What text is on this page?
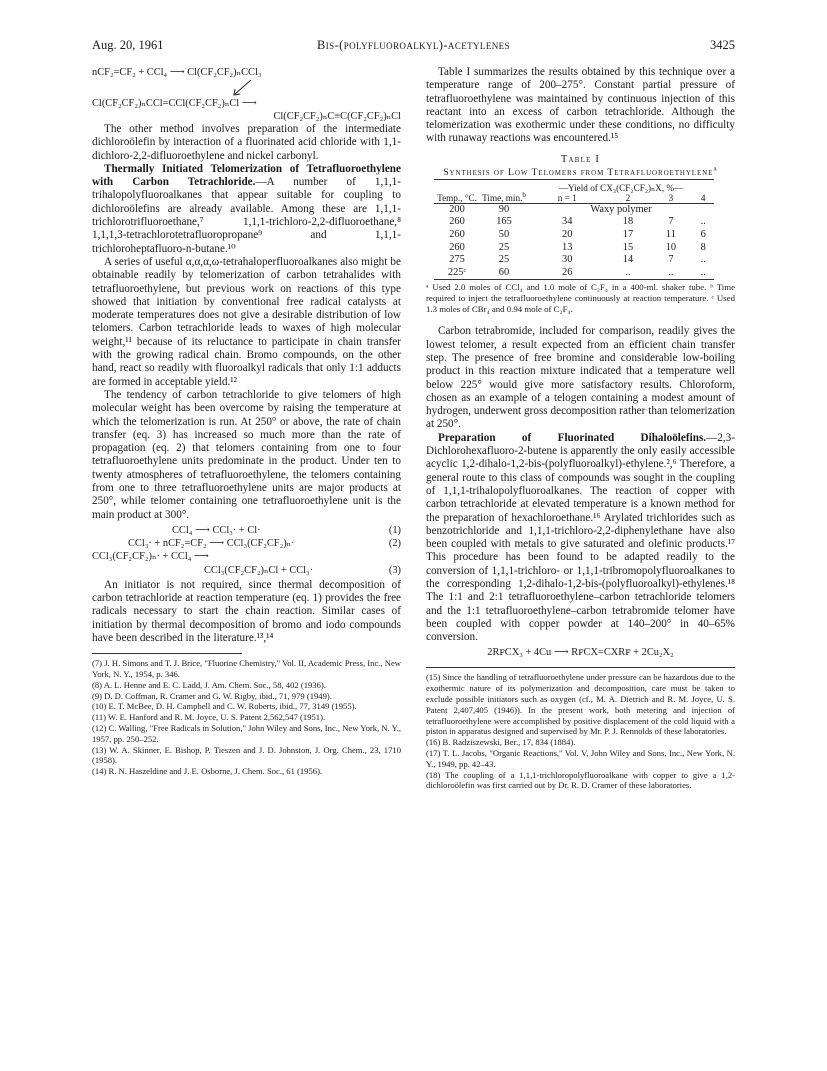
Aug. 20, 1961	Bis-(polyfluoroalkyl)-acetylenes	3425

nCF₂=CF₂ + CCl₄ ⟶ Cl(CF₂CF₂)ₙCCl₃

Cl(CF₂CF₂)ₙCCl=CCl(CF₂CF₂)ₙCl ⟶

Cl(CF₂CF₂)ₙC≡C(CF₂CF₂)ₙCl

The other method involves preparation of the intermediate dichloroölefin by interaction of a fluorinated acid chloride with 1,1-dichloro-2,2-difluoroethylene and nickel carbonyl.

Thermally Initiated Telomerization of Tetrafluoroethylene with Carbon Tetrachloride.—A number of 1,1,1-trihalopolyfluoroalkanes that appear suitable for coupling to dichloroölefins are already available. Among these are 1,1,1-trichlorotrifluoroethane,⁷ 1,1,1-trichloro-2,2-difluoroethane,⁸ 1,1,1,3-tetrachlorotetrafluoropropane⁹ and 1,1,1-trichloroheptafluoro-n-butane.¹⁰

A series of useful α,α,α,ω-tetrahaloperfluoroalkanes also might be obtainable readily by telomerization of carbon tetrahalides with tetrafluoroethylene, but previous work on reactions of this type showed that initiation by conventional free radical catalysts at moderate temperatures does not give a desirable distribution of low telomers. Carbon tetrachloride leads to waxes of high molecular weight,¹¹ because of its reluctance to participate in chain transfer with the growing radical chain. Bromo compounds, on the other hand, react so readily with fluoroalkyl radicals that only 1:1 adducts are formed in acceptable yield.¹²

The tendency of carbon tetrachloride to give telomers of high molecular weight has been overcome by raising the temperature at which the telomerization is run. At 250° or above, the rate of chain transfer (eq. 3) has increased so much more than the rate of propagation (eq. 2) that telomers containing from one to four tetrafluoroethylene units predominate in the product. Under ten to twenty atmospheres of tetrafluoroethylene, the telomers containing from one to three tetrafluoroethylene units are major products at 250°, while telomer containing one tetrafluoroethylene unit is the main product at 300°.

CCl₄ ⟶ CCl₃· + Cl·	(1)
CCl₃· + nCF₂=CF₂ ⟶ CCl₃(CF₂CF₂)ₙ·	(2)
CCl₃(CF₂CF₂)ₙ· + CCl₄ ⟶
CCl₃(CF₂CF₂)ₙCl + CCl₃·	(3)

An initiator is not required, since thermal decomposition of carbon tetrachloride at reaction temperature (eq. 1) provides the free radicals necessary to start the chain reaction. Similar cases of initiation by thermal decomposition of bromo and iodo compounds have been described in the literature.¹³,¹⁴

(7) J. H. Simons and T. J. Brice, "Fluorine Chemistry," Vol. II, Academic Press, Inc., New York, N. Y., 1954, p. 346.

(8) A. L. Henne and E. C. Ladd, J. Am. Chem. Soc., 58, 402 (1936).

(9) D. D. Coffman, R. Cramer and G. W. Rigby, ibid., 71, 979 (1949).

(10) E. T. McBee, D. H. Campbell and C. W. Roberts, ibid., 77, 3149 (1955).

(11) W. E. Hanford and R. M. Joyce, U. S. Patent 2,562,547 (1951).

(12) C. Walling, "Free Radicals in Solution," John Wiley and Sons, Inc., New York, N. Y., 1957, pp. 250–252.

(13) W. A. Skinner, E. Bishop, P. Tieszen and J. D. Johnston, J. Org. Chem., 23, 1710 (1958).

(14) R. N. Haszeldine and J. E. Osborne, J. Chem. Soc., 61 (1956).

Table I summarizes the results obtained by this technique over a temperature range of 200–275°. Constant partial pressure of tetrafluoroethylene was maintained by continuous injection of this reactant into an excess of carbon tetrachloride. Although the telomerization was exothermic under these conditions, no difficulty with runaway reactions was encountered.¹⁵

Table I

Synthesis of Low Telomers from Tetrafluoroethylene$^a$

Temp., °C.	Time, min.$^b$	—Yield of CX₃(CF₂CF₂)ₙX, %—			
		n = 1	2	3	4
200	90	Waxy polymer			
260	165	34	18	7	..
260	50	20	17	11	6
260	25	13	15	10	8
275	25	30	14	7	..
225ᶜ	60	26	..	..	..

ᵃ Used 2.0 moles of CCl₄ and 1.0 mole of C₂F₄ in a 400-ml. shaker tube. ᵇ Time required to inject the tetrafluoroethylene continuously at reaction temperature. ᶜ Used 1.3 moles of CBr₄ and 0.94 mole of C₂F₄.

Carbon tetrabromide, included for comparison, readily gives the lowest telomer, a result expected from an efficient chain transfer step. The presence of free bromine and considerable low-boiling product in this reaction mixture indicated that a temperature well below 225° would give more satisfactory results. Chloroform, chosen as an example of a telogen containing a modest amount of hydrogen, underwent gross decomposition rather than telomerization at 250°.

Preparation of Fluorinated Dihaloölefins.—2,3-Dichlorohexafluoro-2-butene is apparently the only easily accessible acyclic 1,2-dihalo-1,2-bis-(polyfluoroalkyl)-ethylene.²,⁶ Therefore, a general route to this class of compounds was sought in the coupling of 1,1,1-trihalopolyfluoroalkanes. The reaction of copper with carbon tetrachloride at elevated temperature is a known method for the preparation of hexachloroethane.¹⁶ Arylated trichlorides such as benzotrichloride and 1,1,1-trichloro-2,2-diphenylethane have also been coupled with metals to give saturated and olefinic products.¹⁷ This procedure has been found to be adapted readily to the conversion of 1,1,1-trichloro- or 1,1,1-tribromopolyfluoroalkanes to the corresponding 1,2-dihalo-1,2-bis-(polyfluoroalkyl)-ethylenes.¹⁸ The 1:1 and 2:1 tetrafluoroethylene–carbon tetrachloride telomers and the 1:1 tetrafluoroethylene–carbon tetrabromide telomer have been coupled with copper powder at 140–200° in 40–65% conversion.

2RꜰCX₃ + 4Cu ⟶ RꜰCX=CXRꜰ + 2Cu₂X₂

(15) Since the handling of tetrafluoroethylene under pressure can be hazardous due to the exothermic nature of its polymerization and decomposition, care must be taken to exclude possible initiators such as oxygen (cf., M. A. Dietrich and R. M. Joyce, U. S. Patent 2,407,405 (1946)). In the present work, both metering and injection of tetrafluoroethylene were accomplished by positive displacement of the cold liquid with a piston in apparatus designed and supervised by Mr. P. J. Rennolds of these laboratories.

(16) B. Radziszewski, Ber., 17, 834 (1884).

(17) T. L. Jacobs, "Organic Reactions," Vol. V, John Wiley and Sons, Inc., New York, N. Y., 1949, pp. 42–43.

(18) The coupling of a 1,1,1-trichloropolyfluoroalkane with copper to give a 1,2-dichloroölefin was first carried out by Dr. R. D. Cramer of these laboratories.
